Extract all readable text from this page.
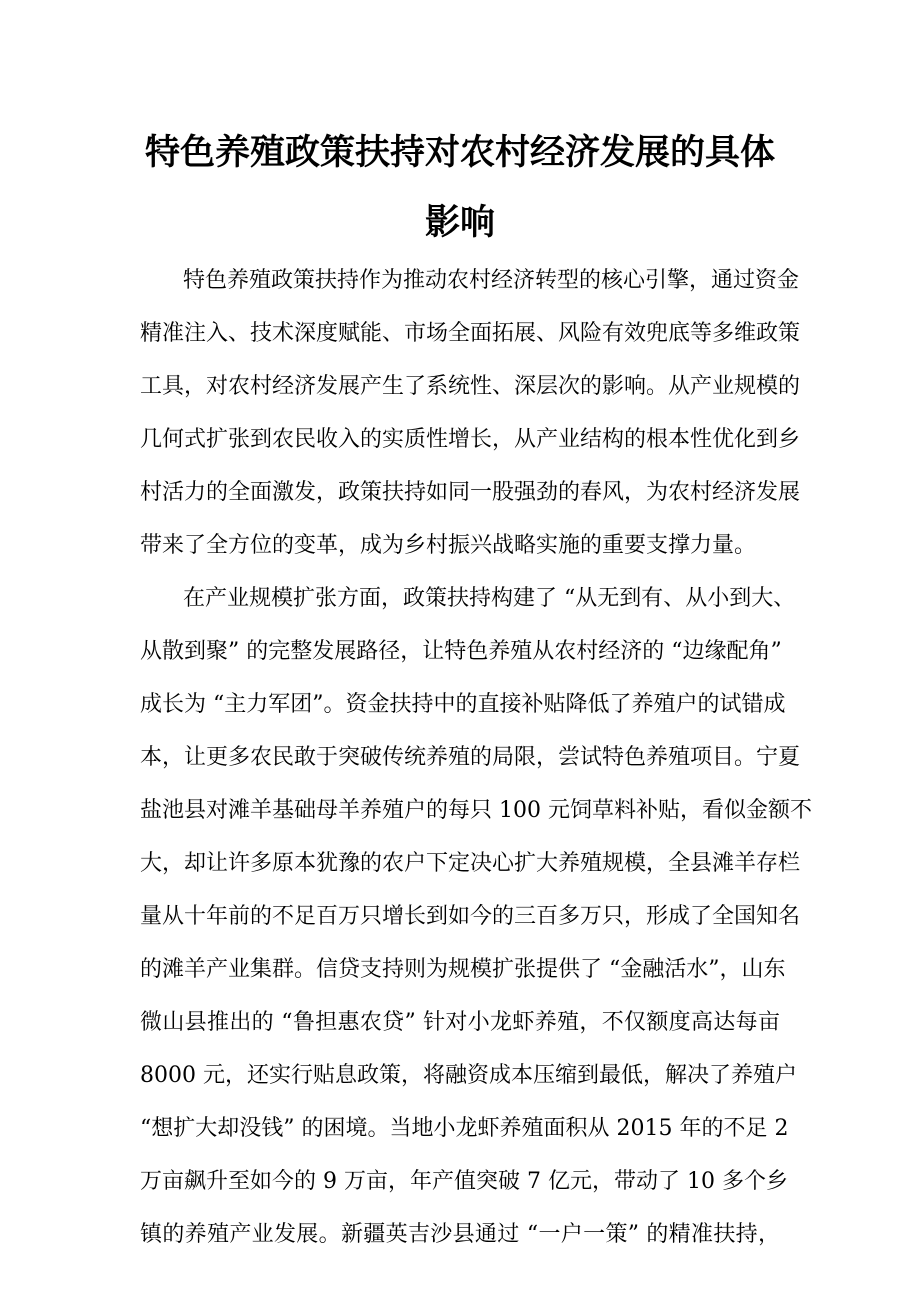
特色养殖政策扶持对农村经济发展的具体
影响

特色养殖政策扶持作为推动农村经济转型的核心引擎，通过资金

精准注入、技术深度赋能、市场全面拓展、风险有效兜底等多维政策

工具，对农村经济发展产生了系统性、深层次的影响。从产业规模的

几何式扩张到农民收入的实质性增长，从产业结构的根本性优化到乡

村活力的全面激发，政策扶持如同一股强劲的春风，为农村经济发展

带来了全方位的变革，成为乡村振兴战略实施的重要支撑力量。

在产业规模扩张方面，政策扶持构建了 “从无到有、从小到大、

从散到聚” 的完整发展路径，让特色养殖从农村经济的 “边缘配角”

成长为 “主力军团”。资金扶持中的直接补贴降低了养殖户的试错成

本，让更多农民敢于突破传统养殖的局限，尝试特色养殖项目。宁夏

盐池县对滩羊基础母羊养殖户的每只 100 元饲草料补贴，看似金额不

大，却让许多原本犹豫的农户下定决心扩大养殖规模，全县滩羊存栏

量从十年前的不足百万只增长到如今的三百多万只，形成了全国知名

的滩羊产业集群。信贷支持则为规模扩张提供了 “金融活水”，山东

微山县推出的 “鲁担惠农贷” 针对小龙虾养殖，不仅额度高达每亩

8000 元，还实行贴息政策，将融资成本压缩到最低，解决了养殖户

“想扩大却没钱” 的困境。当地小龙虾养殖面积从 2015 年的不足 2

万亩飙升至如今的 9 万亩，年产值突破 7 亿元，带动了 10 多个乡

镇的养殖产业发展。新疆英吉沙县通过 “一户一策” 的精准扶持，
